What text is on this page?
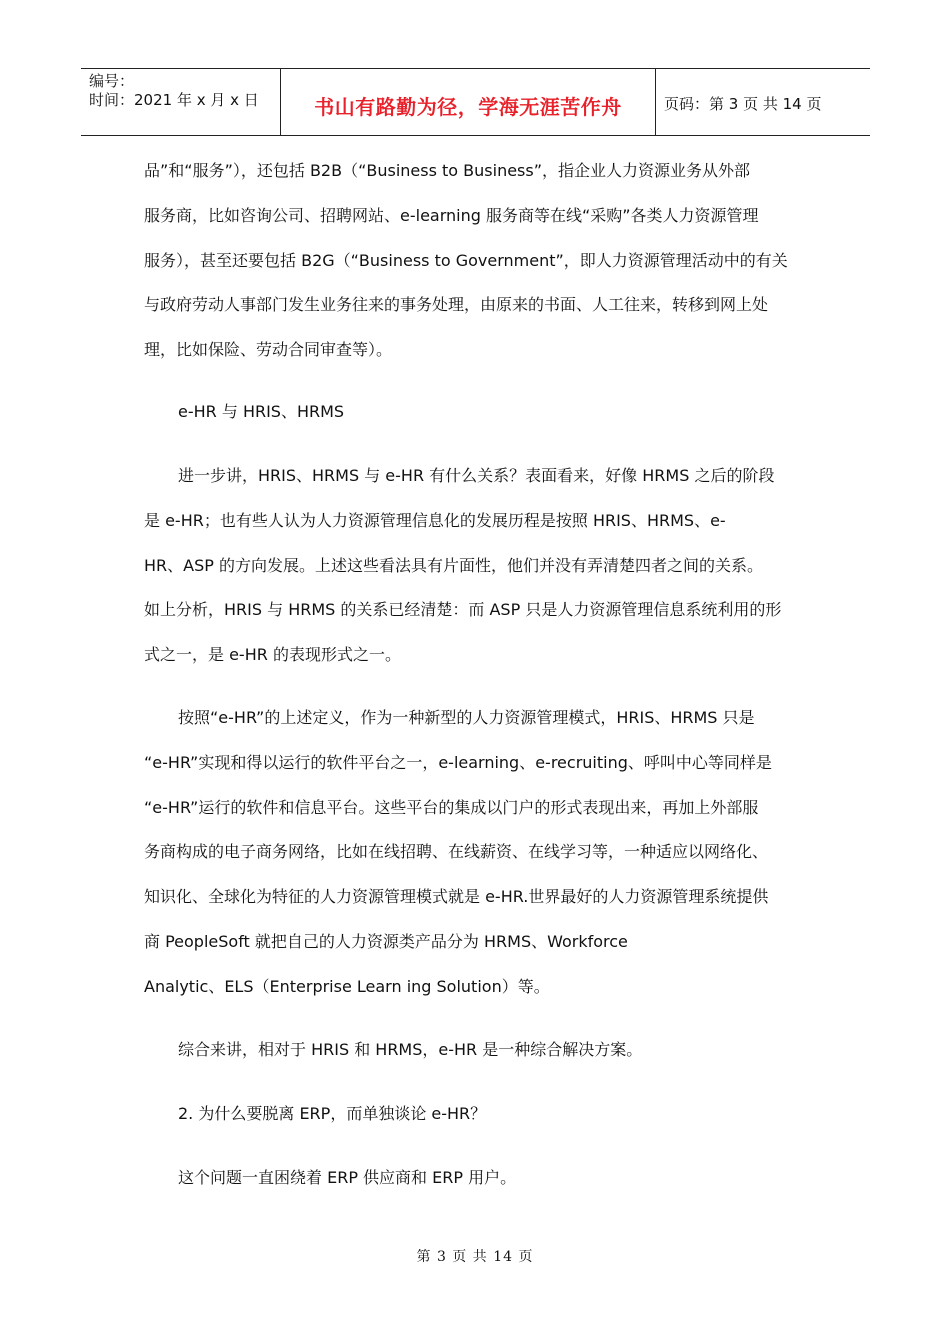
编号：
时间：2021 年 x 月 x 日	书山有路勤为径，学海无涯苦作舟	页码：第 3 页 共 14 页
品”和“服务”），还包括 B2B（“Business to Business”，指企业人力资源业务从外部
服务商，比如咨询公司、招聘网站、e-learning 服务商等在线“采购”各类人力资源管理
服务），甚至还要包括 B2G（“Business to Government”，即人力资源管理活动中的有关
与政府劳动人事部门发生业务往来的事务处理，由原来的书面、人工往来，转移到网上处
理，比如保险、劳动合同审查等）。
e-HR 与 HRIS、HRMS
进一步讲，HRIS、HRMS 与 e-HR 有什么关系？表面看来，好像 HRMS 之后的阶段
是 e-HR；也有些人认为人力资源管理信息化的发展历程是按照 HRIS、HRMS、e-
HR、ASP 的方向发展。上述这些看法具有片面性，他们并没有弄清楚四者之间的关系。
如上分析，HRIS 与 HRMS 的关系已经清楚：而 ASP 只是人力资源管理信息系统利用的形
式之一，是 e-HR 的表现形式之一。
按照“e-HR”的上述定义，作为一种新型的人力资源管理模式，HRIS、HRMS 只是
“e-HR”实现和得以运行的软件平台之一，e-learning、e-recruiting、呼叫中心等同样是
“e-HR”运行的软件和信息平台。这些平台的集成以门户的形式表现出来，再加上外部服
务商构成的电子商务网络，比如在线招聘、在线薪资、在线学习等，一种适应以网络化、
知识化、全球化为特征的人力资源管理模式就是 e-HR.世界最好的人力资源管理系统提供
商 PeopleSoft 就把自己的人力资源类产品分为 HRMS、Workforce
Analytic、ELS（Enterprise Learn ing Solution）等。
综合来讲，相对于 HRIS 和 HRMS，e-HR 是一种综合解决方案。
2. 为什么要脱离 ERP，而单独谈论 e-HR？
这个问题一直困绕着 ERP 供应商和 ERP 用户。
第 3 页 共 14 页
